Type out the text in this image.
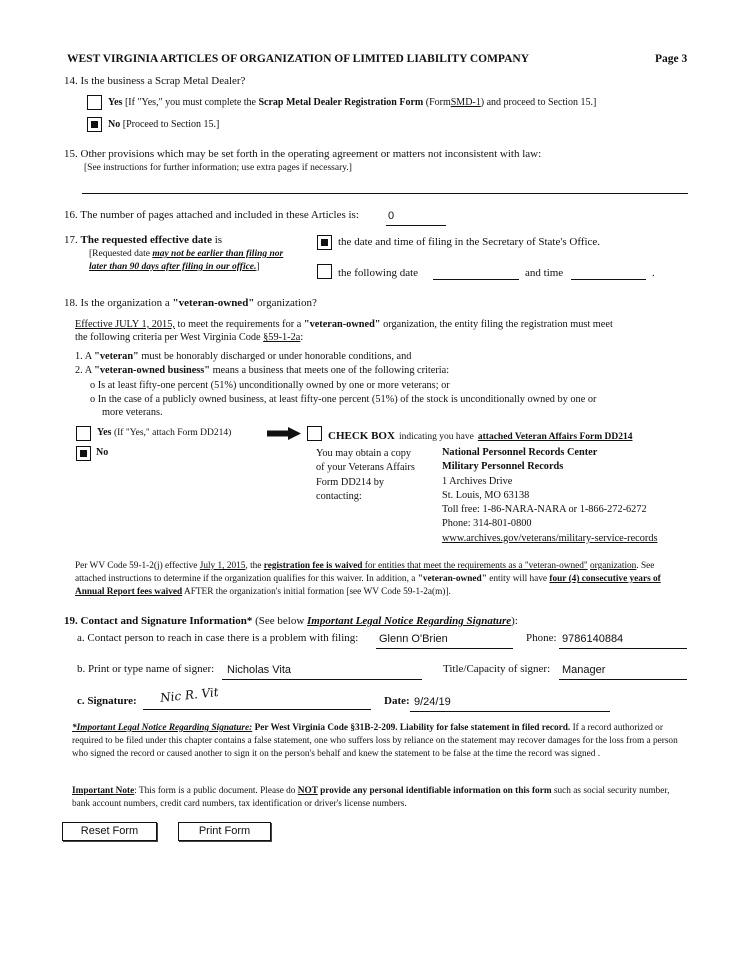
WEST VIRGINIA ARTICLES OF ORGANIZATION OF LIMITED LIABILITY COMPANY	Page 3
14. Is the business a Scrap Metal Dealer?
Yes [If "Yes," you must complete the Scrap Metal Dealer Registration Form (FormSMD-1) and proceed to Section 15.]
No [Proceed to Section 15.]
15. Other provisions which may be set forth in the operating agreement or matters not inconsistent with law:
[See instructions for further information; use extra pages if necessary.]
16. The number of pages attached and included in these Articles is:	0
17. The requested effective date is
[Requested date may not be earlier than filing nor
later than 90 days after filing in our office.]
the date and time of filing in the Secretary of State's Office.
the following date	and time	.
18. Is the organization a "veteran-owned" organization?
Effective JULY 1, 2015, to meet the requirements for a "veteran-owned" organization, the entity filing the registration must meet
the following criteria per West Virginia Code §59-1-2a:
1. A "veteran" must be honorably discharged or under honorable conditions, and
2. A "veteran-owned business" means a business that meets one of the following criteria:
o Is at least fifty-one percent (51%) unconditionally owned by one or more veterans; or
o In the case of a publicly owned business, at least fifty-one percent (51%) of the stock is unconditionally owned by one or
more veterans.
Yes (If "Yes," attach Form DD214)	CHECK BOX indicating you have attached Veteran Affairs Form DD214
No	You may obtain a copy
of your Veterans Affairs
Form DD214 by
contacting:
National Personnel Records Center
Military Personnel Records
1 Archives Drive
St. Louis, MO 63138
Toll free: 1-86-NARA-NARA or 1-866-272-6272
Phone: 314-801-0800
www.archives.gov/veterans/military-service-records
Per WV Code 59-1-2(j) effective July 1, 2015, the registration fee is waived for entities that meet the requirements as a "veteran-owned" organization. See attached instructions to determine if the organization qualifies for this waiver. In addition, a "veteran-owned" entity will have four (4) consecutive years of Annual Report fees waived AFTER the organization's initial formation [see WV Code 59-1-2a(m)].
19. Contact and Signature Information* (See below Important Legal Notice Regarding Signature):
a. Contact person to reach in case there is a problem with filing: Glenn O'Brien	Phone: 9786140884
b. Print or type name of signer: Nicholas Vita	Title/Capacity of signer: Manager
c. Signature: Nic R. Vit	Date: 9/24/19
*Important Legal Notice Regarding Signature: Per West Virginia Code §31B-2-209. Liability for false statement in filed record. If a record authorized or required to be filed under this chapter contains a false statement, one who suffers loss by reliance on the statement may recover damages for the loss from a person who signed the record or caused another to sign it on the person's behalf and knew the statement to be false at the time the record was signed .
Important Note: This form is a public document. Please do NOT provide any personal identifiable information on this form such as social security number, bank account numbers, credit card numbers, tax identification or driver's license numbers.
Reset Form	Print Form
